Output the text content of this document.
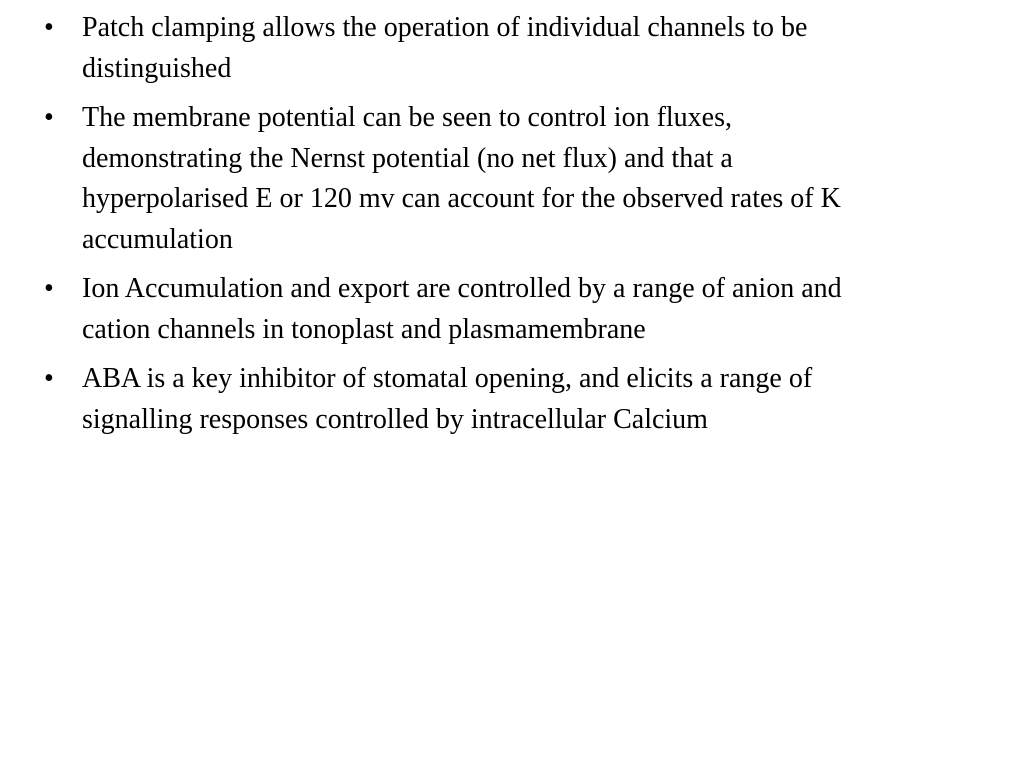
•	Patch clamping allows the operation of individual channels to be
distinguished
•	The membrane potential can be seen to control ion fluxes,
demonstrating the Nernst potential (no net flux) and that a
hyperpolarised E or 120 mv can account for the observed rates of K
accumulation
•	Ion Accumulation and export are controlled by a range of anion and
cation channels in tonoplast and plasmamembrane
•	ABA is a key inhibitor of stomatal opening, and elicits a range of
signalling responses controlled by intracellular Calcium
